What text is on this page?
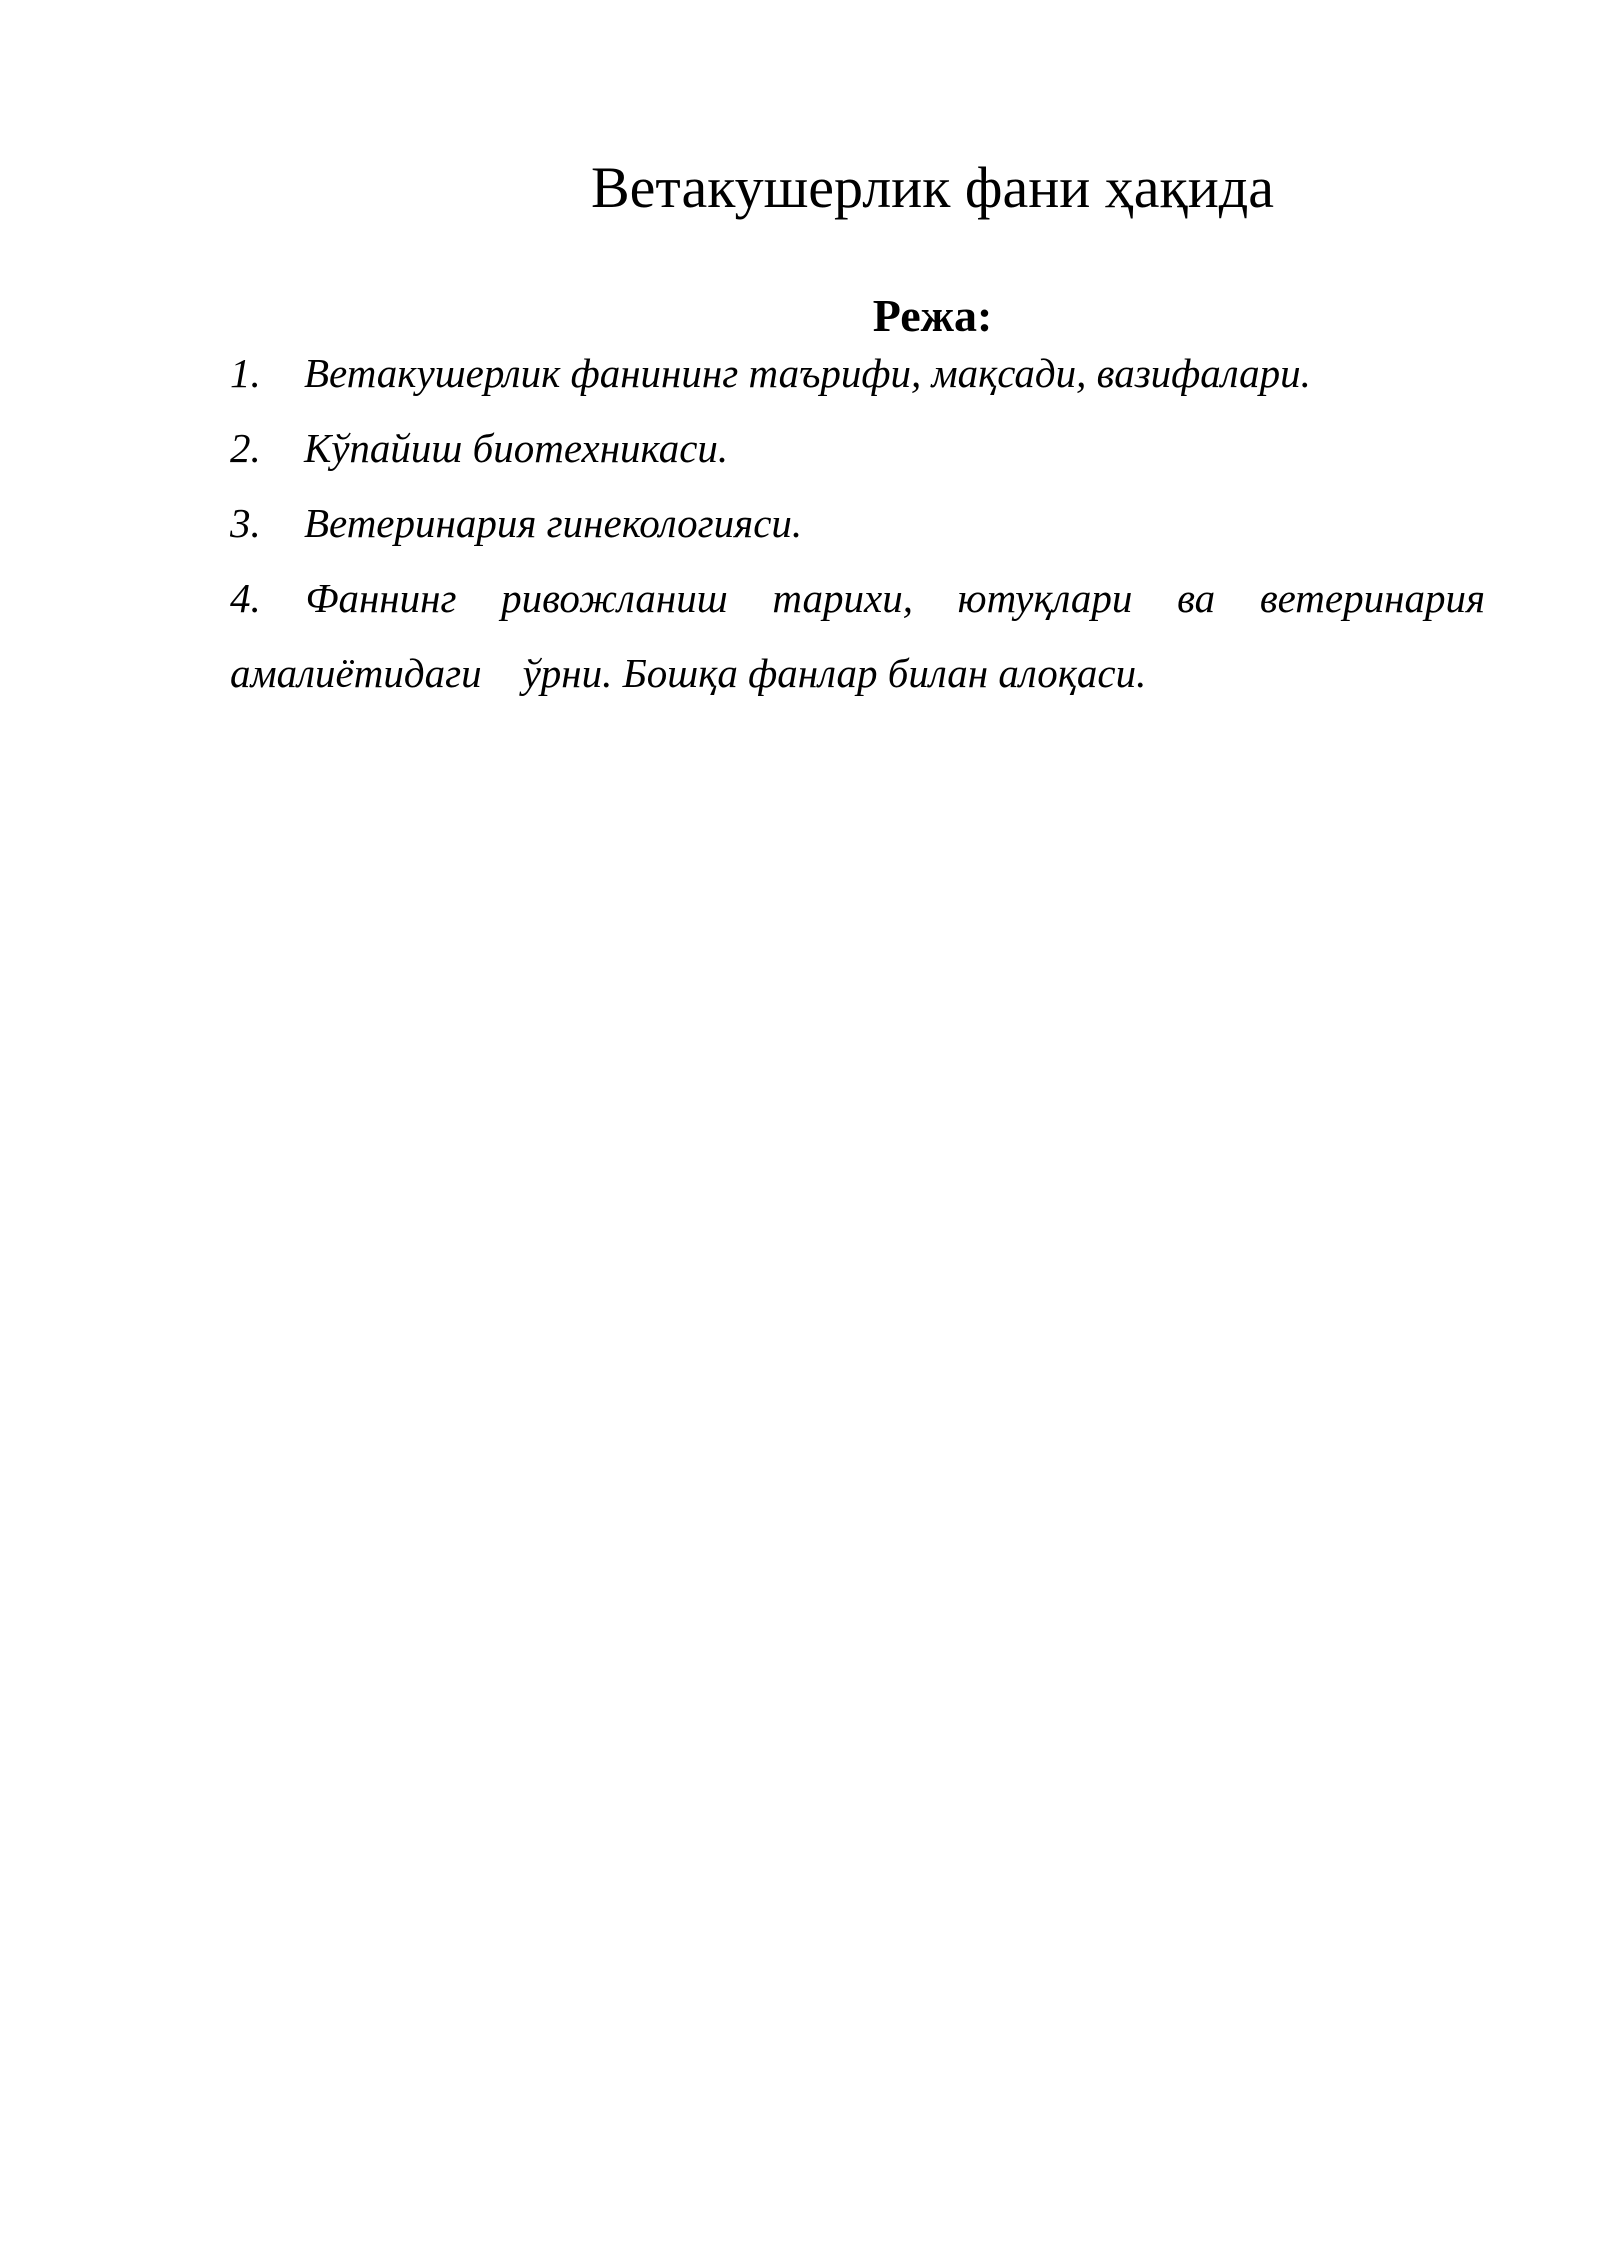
Ветакушерлик фани ҳақида
Режа:
1.	Ветакушерлик фанининг таърифи, мақсади, вазифалари.
2.	Кўпайиш биотехникаси.
3.	Ветеринария гинекологияси.
4. Фаннинг ривожланиш тарихи, ютуқлари ва ветеринария амалиётидаги    ўрни. Бошқа фанлар билан алоқаси.
